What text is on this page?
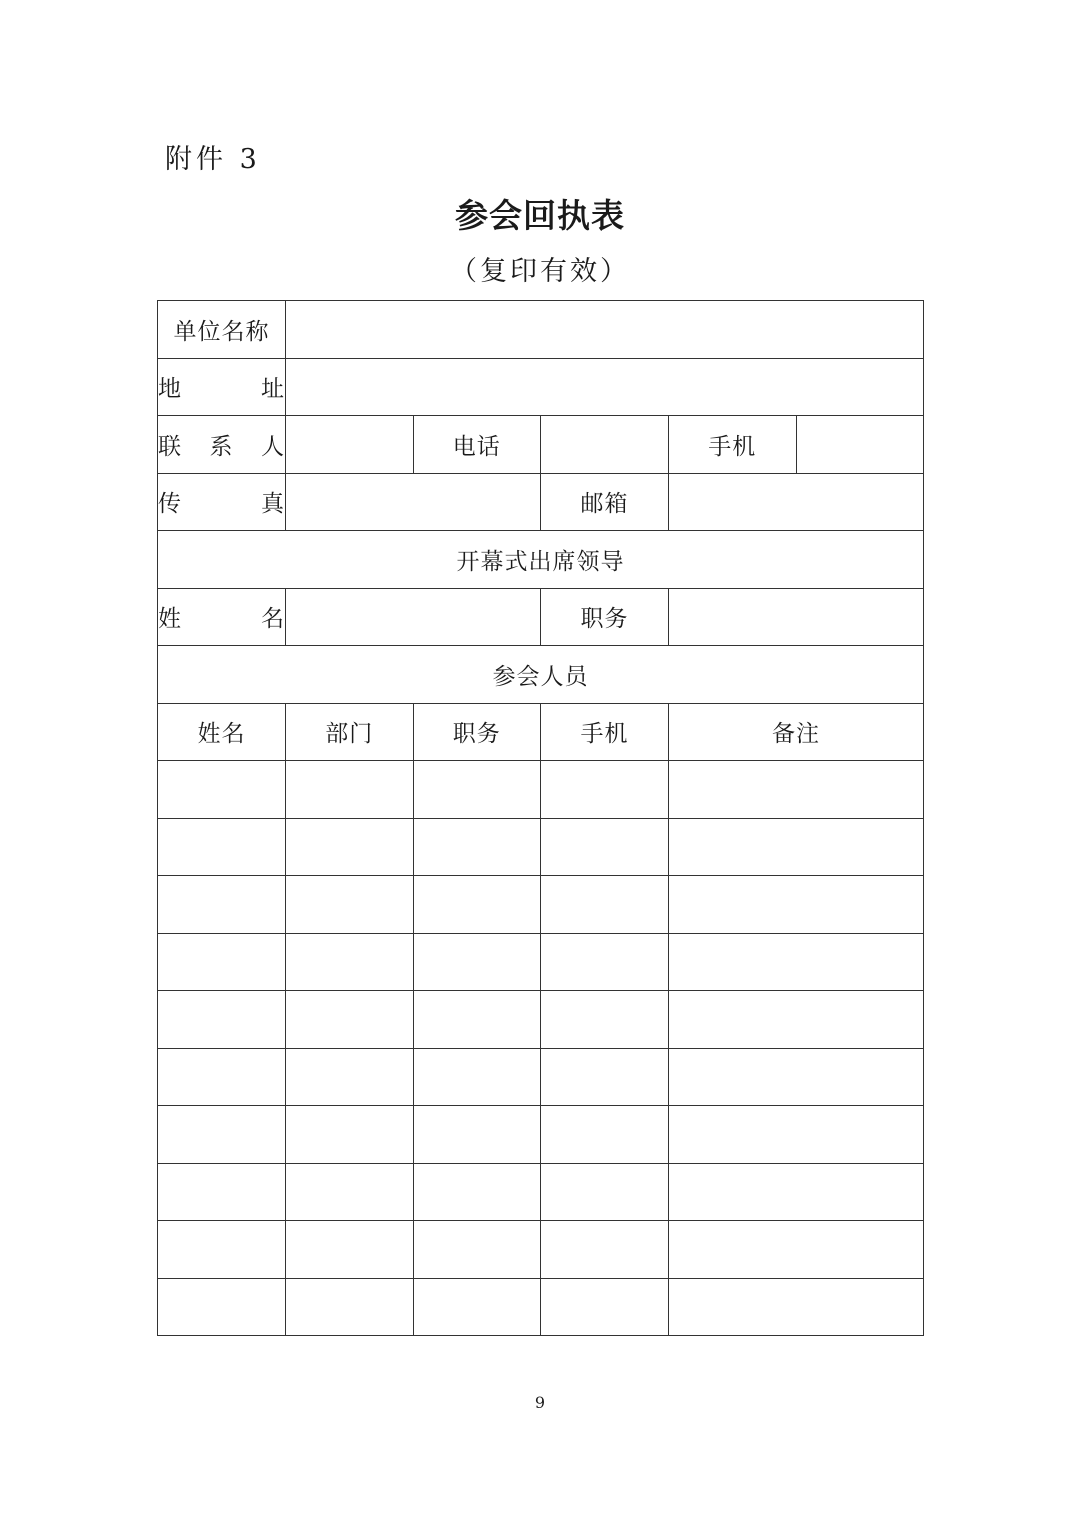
附件 3
参会回执表
（复印有效）
单位名称					

地 址					

联 系 人		电话		手机	

传 真			邮箱		
开幕式出席领导					

姓 名			职务		
参会人员					
姓名	部门	职务	手机	备注	

9
